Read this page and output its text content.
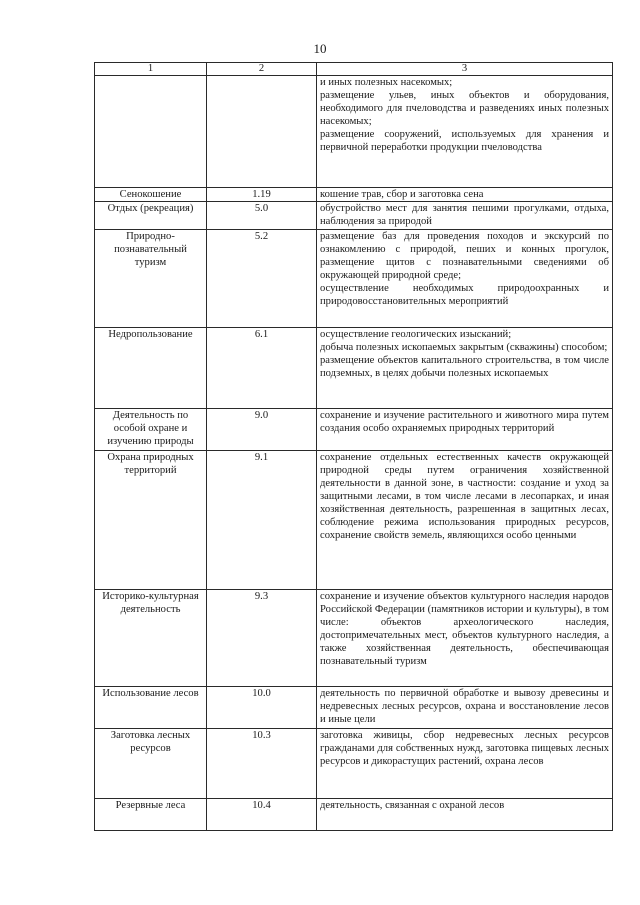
10
1	2	3

		и иных полезных насекомых;
размещение ульев, иных объектов и оборудования, необходимого для пчеловодства и разведениях иных полезных насекомых;
размещение сооружений, используемых для хранения и первичной переработки продукции пчеловодства

Сенокошение	1.19	кошение трав, сбор и заготовка сена

Отдых (рекреация)	5.0	обустройство мест для занятия пешими прогулками, отдыха, наблюдения за природой

Природно-познавательный туризм	5.2	размещение баз для проведения походов и экскурсий по ознакомлению с природой, пеших и конных прогулок, размещение щитов с познавательными сведениями об окружающей природной среде;
осуществление необходимых природоохранных и природовосстановительных мероприятий

Недропользование	6.1	осуществление геологических изысканий;
добыча полезных ископаемых закрытым (скважины) способом;
размещение объектов капитального строительства, в том числе подземных, в целях добычи полезных ископаемых

Деятельность по особой охране и изучению природы	9.0	сохранение и изучение растительного и животного мира путем создания особо охраняемых природных территорий

Охрана природных территорий	9.1	сохранение отдельных естественных качеств окружающей природной среды путем ограничения хозяйственной деятельности в данной зоне, в частности: создание и уход за защитными лесами, в том числе лесами в лесопарках, и иная хозяйственная деятельность, разрешенная в защитных лесах, соблюдение режима использования природных ресурсов, сохранение свойств земель, являющихся особо ценными

Историко-культурная деятельность	9.3	сохранение и изучение объектов культурного наследия народов Российской Федерации (памятников истории и культуры), в том числе: объектов археологического наследия, достопримечательных мест, объектов культурного наследия, а также хозяйственная деятельность, обеспечивающая познавательный туризм

Использование лесов	10.0	деятельность по первичной обработке и вывозу древесины и недревесных лесных ресурсов, охрана и восстановление лесов и иные цели

Заготовка лесных ресурсов	10.3	заготовка живицы, сбор недревесных лесных ресурсов гражданами для собственных нужд, заготовка пищевых лесных ресурсов и дикорастущих растений, охрана лесов

Резервные леса	10.4	деятельность, связанная с охраной лесов
